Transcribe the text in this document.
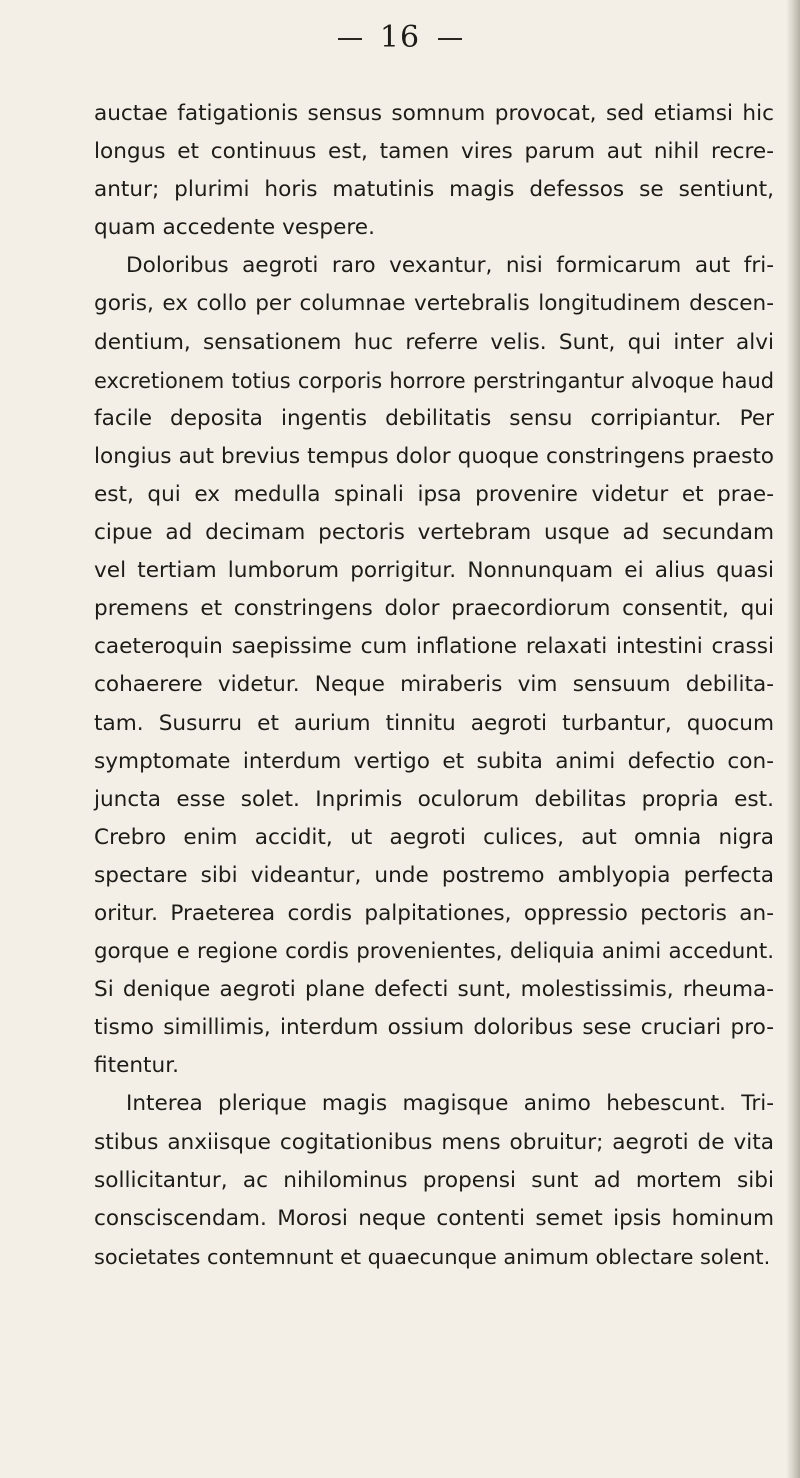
16
auctae fatigationis sensus somnum provocat, sed etiamsi hic
longus et continuus est, tamen vires parum aut nihil recre-
antur; plurimi horis matutinis magis defessos se sentiunt,
quam accedente vespere.
Doloribus aegroti raro vexantur, nisi formicarum aut fri-
goris, ex collo per columnae vertebralis longitudinem descen-
dentium, sensationem huc referre velis. Sunt, qui inter alvi
excretionem totius corporis horrore perstringantur alvoque haud
facile deposita ingentis debilitatis sensu corripiantur. Per
longius aut brevius tempus dolor quoque constringens praesto
est, qui ex medulla spinali ipsa provenire videtur et prae-
cipue ad decimam pectoris vertebram usque ad secundam
vel tertiam lumborum porrigitur. Nonnunquam ei alius quasi
premens et constringens dolor praecordiorum consentit, qui
caeteroquin saepissime cum inflatione relaxati intestini crassi
cohaerere videtur. Neque miraberis vim sensuum debilita-
tam. Susurru et aurium tinnitu aegroti turbantur, quocum
symptomate interdum vertigo et subita animi defectio con-
juncta esse solet. Inprimis oculorum debilitas propria est.
Crebro enim accidit, ut aegroti culices, aut omnia nigra
spectare sibi videantur, unde postremo amblyopia perfecta
oritur. Praeterea cordis palpitationes, oppressio pectoris an-
gorque e regione cordis provenientes, deliquia animi accedunt.
Si denique aegroti plane defecti sunt, molestissimis, rheuma-
tismo simillimis, interdum ossium doloribus sese cruciari pro-
fitentur.
Interea plerique magis magisque animo hebescunt. Tri-
stibus anxiisque cogitationibus mens obruitur; aegroti de vita
sollicitantur, ac nihilominus propensi sunt ad mortem sibi
consciscendam. Morosi neque contenti semet ipsis hominum
societates contemnunt et quaecunque animum oblectare solent.
